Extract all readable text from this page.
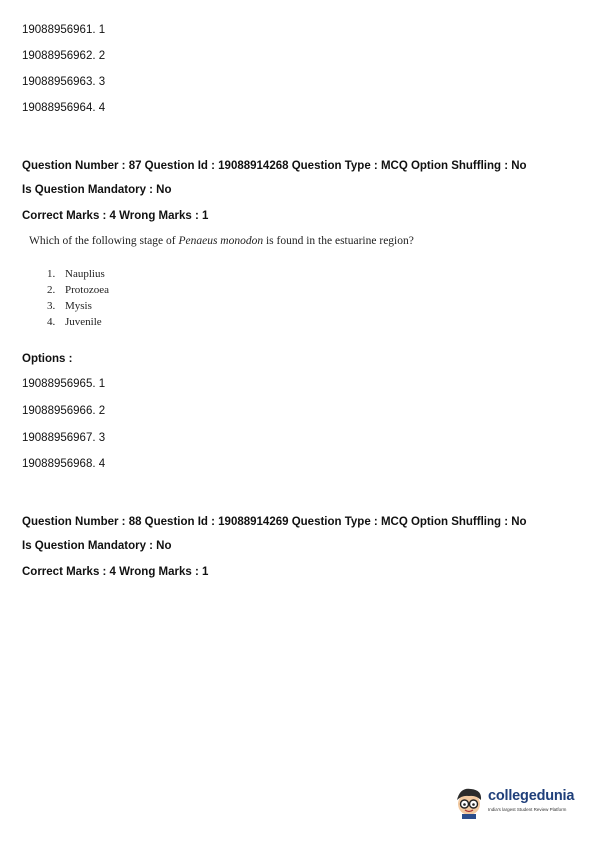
19088956961. 1
19088956962. 2
19088956963. 3
19088956964. 4
Question Number : 87 Question Id : 19088914268 Question Type : MCQ Option Shuffling : No
Is Question Mandatory : No
Correct Marks : 4 Wrong Marks : 1
Which of the following stage of Penaeus monodon is found in the estuarine region?
1. Nauplius
2. Protozoea
3. Mysis
4. Juvenile
Options :
19088956965. 1
19088956966. 2
19088956967. 3
19088956968. 4
Question Number : 88 Question Id : 19088914269 Question Type : MCQ Option Shuffling : No
Is Question Mandatory : No
Correct Marks : 4 Wrong Marks : 1
collegedunia
India's largest Student Review Platform
